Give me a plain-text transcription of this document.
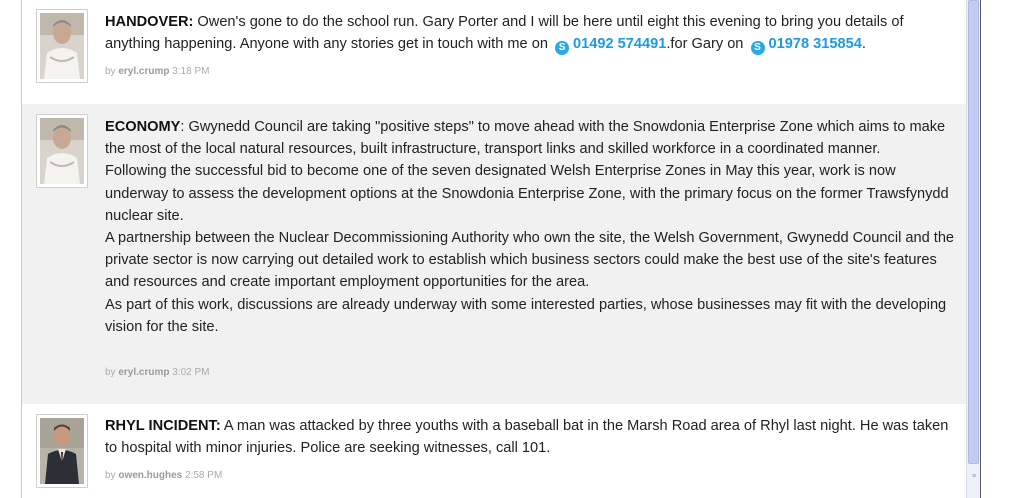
HANDOVER: Owen's gone to do the school run. Gary Porter and I will be here until eight this evening to bring you details of anything happening. Anyone with any stories get in touch with me on S 01492 574491.for Gary on S 01978 315854.

by eryl.crump 3:18 PM

ECONOMY: Gwynedd Council are taking "positive steps" to move ahead with the Snowdonia Enterprise Zone which aims to make the most of the local natural resources, built infrastructure, transport links and skilled workforce in a coordinated manner.

Following the successful bid to become one of the seven designated Welsh Enterprise Zones in May this year, work is now underway to assess the development options at the Snowdonia Enterprise Zone, with the primary focus on the former Trawsfynydd nuclear site.

A partnership between the Nuclear Decommissioning Authority who own the site, the Welsh Government, Gwynedd Council and the private sector is now carrying out detailed work to establish which business sectors could make the best use of the site's features and resources and create important employment opportunities for the area.

As part of this work, discussions are already underway with some interested parties, whose businesses may fit with the developing vision for the site.

by eryl.crump 3:02 PM

RHYL INCIDENT: A man was attacked by three youths with a baseball bat in the Marsh Road area of Rhyl last night. He was taken to hospital with minor injuries. Police are seeking witnesses, call 101.

by owen.hughes 2:58 PM	≡
